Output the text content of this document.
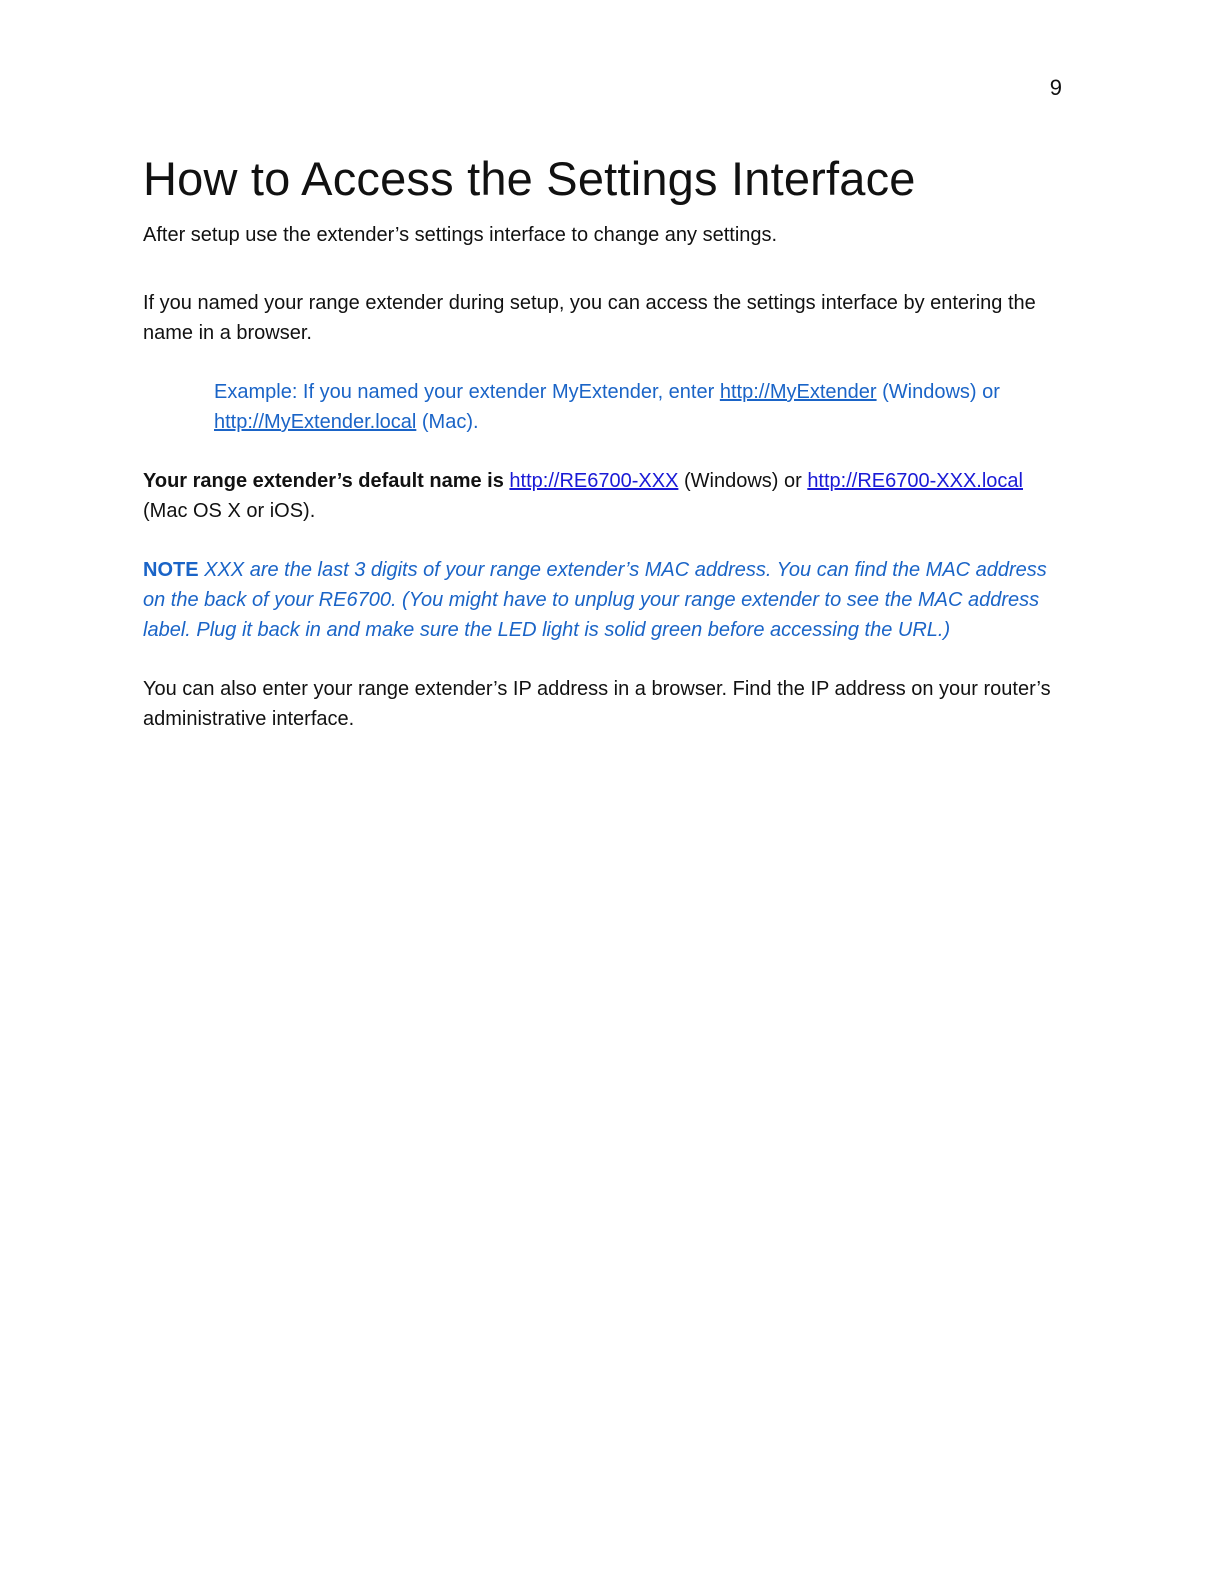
9
How to Access the Settings Interface

After setup use the extender’s settings interface to change any settings.

If you named your range extender during setup, you can access the settings interface by entering the name in a browser.

Example: If you named your extender MyExtender, enter http://MyExtender (Windows) or http://MyExtender.local (Mac).

Your range extender’s default name is http://RE6700-XXX (Windows) or http://RE6700-XXX.local (Mac OS X or iOS).

NOTE XXX are the last 3 digits of your range extender’s MAC address. You can find the MAC address on the back of your RE6700. (You might have to unplug your range extender to see the MAC address label. Plug it back in and make sure the LED light is solid green before accessing the URL.)

You can also enter your range extender’s IP address in a browser. Find the IP address on your router’s administrative interface.
